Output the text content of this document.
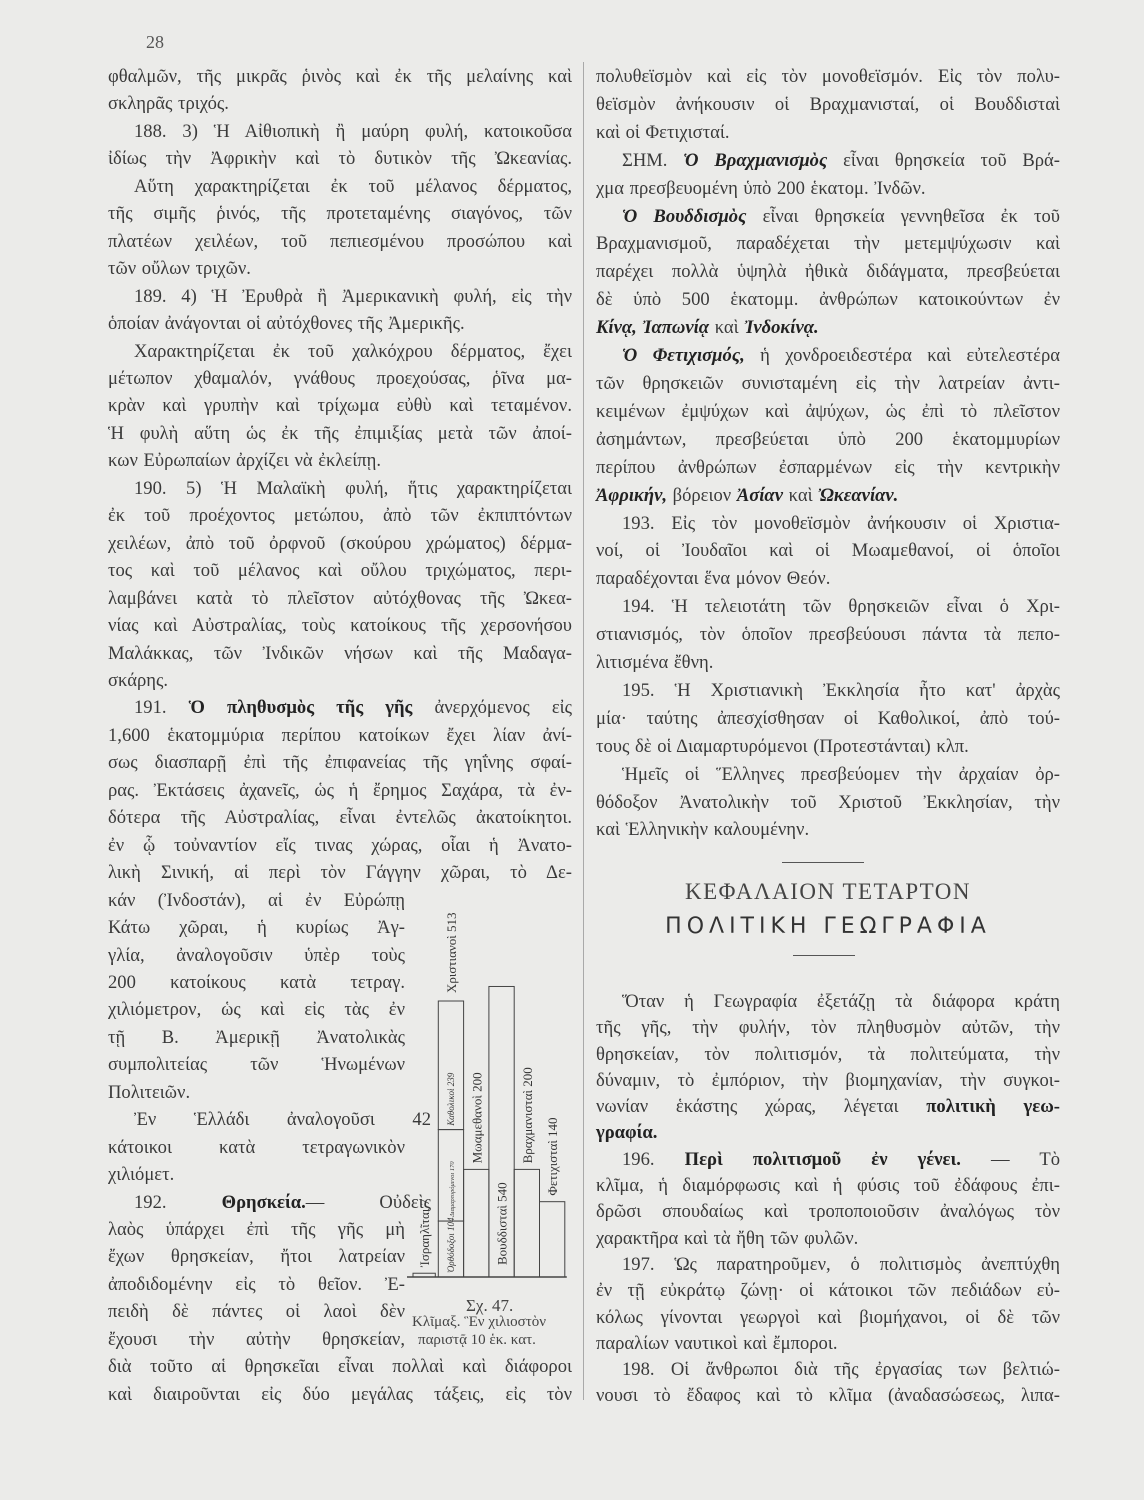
28
φθαλμῶν, τῆς μικρᾶς ῥινὸς καὶ ἐκ τῆς μελαίνης καὶ
σκληρᾶς τριχός.
188. 3) Ἡ Αἰθιοπικὴ ἢ μαύρη φυλή, κατοικοῦσα
ἰδίως τὴν Ἀφρικὴν καὶ τὸ δυτικὸν τῆς Ὠκεανίας.
Αὕτη χαρακτηρίζεται ἐκ τοῦ μέλανος δέρματος,
τῆς σιμῆς ῥινός, τῆς προτεταμένης σιαγόνος, τῶν
πλατέων χειλέων, τοῦ πεπιεσμένου προσώπου καὶ
τῶν οὔλων τριχῶν.
189. 4) Ἡ Ἐρυθρὰ ἢ Ἀμερικανικὴ φυλή, εἰς τὴν
ὁποίαν ἀνάγονται οἱ αὐτόχθονες τῆς Ἀμερικῆς.
Χαρακτηρίζεται ἐκ τοῦ χαλκόχρου δέρματος, ἔχει
μέτωπον χθαμαλόν, γνάθους προεχούσας, ῥῖνα μα-
κρὰν καὶ γρυπὴν καὶ τρίχωμα εὐθὺ καὶ τεταμένον.
Ἡ φυλὴ αὕτη ὡς ἐκ τῆς ἐπιμιξίας μετὰ τῶν ἀποί-
κων Εὐρωπαίων ἀρχίζει νὰ ἐκλείπῃ.
190. 5) Ἡ Μαλαϊκὴ φυλή, ἥτις χαρακτηρίζεται
ἐκ τοῦ προέχοντος μετώπου, ἀπὸ τῶν ἐκπιπτόντων
χειλέων, ἀπὸ τοῦ ὀρφνοῦ (σκούρου χρώματος) δέρμα-
τος καὶ τοῦ μέλανος καὶ οὔλου τριχώματος, περι-
λαμβάνει κατὰ τὸ πλεῖστον αὐτόχθονας τῆς Ὠκεα-
νίας καὶ Αὐστραλίας, τοὺς κατοίκους τῆς χερσονήσου
Μαλάκκας, τῶν Ἰνδικῶν νήσων καὶ τῆς Μαδαγα-
σκάρης.
191. Ὁ πληθυσμὸς τῆς γῆς ἀνερχόμενος εἰς
1,600 ἑκατομμύρια περίπου κατοίκων ἔχει λίαν ἀνί-
σως διασπαρῇ ἐπὶ τῆς ἐπιφανείας τῆς γηΐνης σφαί-
ρας. Ἐκτάσεις ἀχανεῖς, ὡς ἡ ἔρημος Σαχάρα, τὰ ἐν-
δότερα τῆς Αὐστραλίας, εἶναι ἐντελῶς ἀκατοίκητοι.
ἐν ᾧ τοὐναντίον εἴς τινας χώρας, οἷαι ἡ Ἀνατο-
λικὴ Σινική, αἱ περὶ τὸν Γάγγην χῶραι, τὸ Δε-
κάν (Ἰνδοστάν), αἱ ἐν Εὐρώπῃ
Κάτω χῶραι, ἡ κυρίως Ἀγ-
γλία, ἀναλογοῦσιν ὑπὲρ τοὺς
200 κατοίκους κατὰ τετραγ.
χιλιόμετρον, ὡς καὶ εἰς τὰς ἐν
τῇ Β. Ἀμερικῇ Ἀνατολικὰς
συμπολιτείας τῶν Ἡνωμένων
Πολιτειῶν.
Ἐν Ἑλλάδι ἀναλογοῦσι 42
κάτοικοι κατὰ τετραγωνικὸν
χιλιόμετ.
192. Θρησκεία.— Οὐδεὶς
λαὸς ὑπάρχει ἐπὶ τῆς γῆς μὴ
ἔχων θρησκείαν, ἤτοι λατρείαν
ἀποδιδομένην εἰς τὸ θεῖον. Ἐ-
πειδὴ δὲ πάντες οἱ λαοὶ δὲν
ἔχουσι τὴν αὐτὴν θρησκείαν,
διὰ τοῦτο αἱ θρησκεῖαι εἶναι πολλαὶ καὶ διάφοροι
καὶ διαιροῦνται εἰς δύο μεγάλας τάξεις, εἰς τὸν
πολυθεϊσμὸν καὶ εἰς τὸν μονοθεϊσμόν. Εἰς τὸν πολυ-
θεϊσμὸν ἀνήκουσιν οἱ Βραχμανισταί, οἱ Βουδδισταὶ
καὶ οἱ Φετιχισταί.
ΣΗΜ. Ὁ Βραχμανισμὸς εἶναι θρησκεία τοῦ Βρά-
χμα πρεσβευομένη ὑπὸ 200 ἑκατομ. Ἰνδῶν.
Ὁ Βουδδισμὸς εἶναι θρησκεία γεννηθεῖσα ἐκ τοῦ
Βραχμανισμοῦ, παραδέχεται τὴν μετεμψύχωσιν καὶ
παρέχει πολλὰ ὑψηλὰ ἠθικὰ διδάγματα, πρεσβεύεται
δὲ ὑπὸ 500 ἑκατομμ. ἀνθρώπων κατοικούντων ἐν
Κίνᾳ, Ἰαπωνίᾳ καὶ Ἰνδοκίνᾳ.
Ὁ Φετιχισμός, ἡ χονδροειδεστέρα καὶ εὐτελεστέρα
τῶν θρησκειῶν συνισταμένη εἰς τὴν λατρείαν ἀντι-
κειμένων ἐμψύχων καὶ ἀψύχων, ὡς ἐπὶ τὸ πλεῖστον
ἀσημάντων, πρεσβεύεται ὑπὸ 200 ἑκατομμυρίων
περίπου ἀνθρώπων ἐσπαρμένων εἰς τὴν κεντρικὴν
Ἀφρικήν, βόρειον Ἀσίαν καὶ Ὠκεανίαν.
193. Εἰς τὸν μονοθεϊσμὸν ἀνήκουσιν οἱ Χριστια-
νοί, οἱ Ἰουδαῖοι καὶ οἱ Μωαμεθανοί, οἱ ὁποῖοι
παραδέχονται ἕνα μόνον Θεόν.
194. Ἡ τελειοτάτη τῶν θρησκειῶν εἶναι ὁ Χρι-
στιανισμός, τὸν ὁποῖον πρεσβεύουσι πάντα τὰ πεπο-
λιτισμένα ἔθνη.
195. Ἡ Χριστιανικὴ Ἐκκλησία ἦτο κατ' ἀρχὰς
μία· ταύτης ἀπεσχίσθησαν οἱ Καθολικοί, ἀπὸ τού-
τους δὲ οἱ Διαμαρτυρόμενοι (Προτεστάνται) κλπ.
Ἡμεῖς οἱ Ἕλληνες πρεσβεύομεν τὴν ἀρχαίαν ὀρ-
θόδοξον Ἀνατολικὴν τοῦ Χριστοῦ Ἐκκλησίαν, τὴν
καὶ Ἑλληνικὴν καλουμένην.
ΚΕΦΑΛΑΙΟΝ ΤΕΤΑΡΤΟΝ
ΠΟΛΙΤΙΚΗ ΓΕΩΓΡΑΦΙΑ
Ὅταν ἡ Γεωγραφία ἐξετάζῃ τὰ διάφορα κράτη
τῆς γῆς, τὴν φυλήν, τὸν πληθυσμὸν αὐτῶν, τὴν
θρησκείαν, τὸν πολιτισμόν, τὰ πολιτεύματα, τὴν
δύναμιν, τὸ ἐμπόριον, τὴν βιομηχανίαν, τὴν συγκοι-
νωνίαν ἑκάστης χώρας, λέγεται πολιτικὴ γεω-
γραφία.
196. Περὶ πολιτισμοῦ ἐν γένει. — Τὸ
κλῖμα, ἡ διαμόρφωσις καὶ ἡ φύσις τοῦ ἐδάφους ἐπι-
δρῶσι σπουδαίως καὶ τροποποιοῦσιν ἀναλόγως τὸν
χαρακτῆρα καὶ τὰ ἤθη τῶν φυλῶν.
197. Ὡς παρατηροῦμεν, ὁ πολιτισμὸς ἀνεπτύχθη
ἐν τῇ εὐκράτῳ ζώνῃ· οἱ κάτοικοι τῶν πεδιάδων εὐ-
κόλως γίνονται γεωργοὶ καὶ βιομήχανοι, οἱ δὲ τῶν
παραλίων ναυτικοὶ καὶ ἔμποροι.
198. Οἱ ἄνθρωποι διὰ τῆς ἐργασίας των βελτιώ-
νουσι τὸ ἔδαφος καὶ τὸ κλῖμα (ἀναδασώσεως, λιπα-
Ἰσραηλῖται 7 Ὀρθόδοξοι 104
Διαμαρτυρόμενοι 170
Καθολικοὶ 239
Χριστιανοὶ 513
Μωαμεθανοὶ 200
Βουδδισταὶ 540
Βραχμανισταὶ 200 Φετιχισταὶ 140
Σχ. 47.
Κλῖμαξ. Ἓν χιλιοστὸν
παριστᾷ 10 ἑκ. κατ.
